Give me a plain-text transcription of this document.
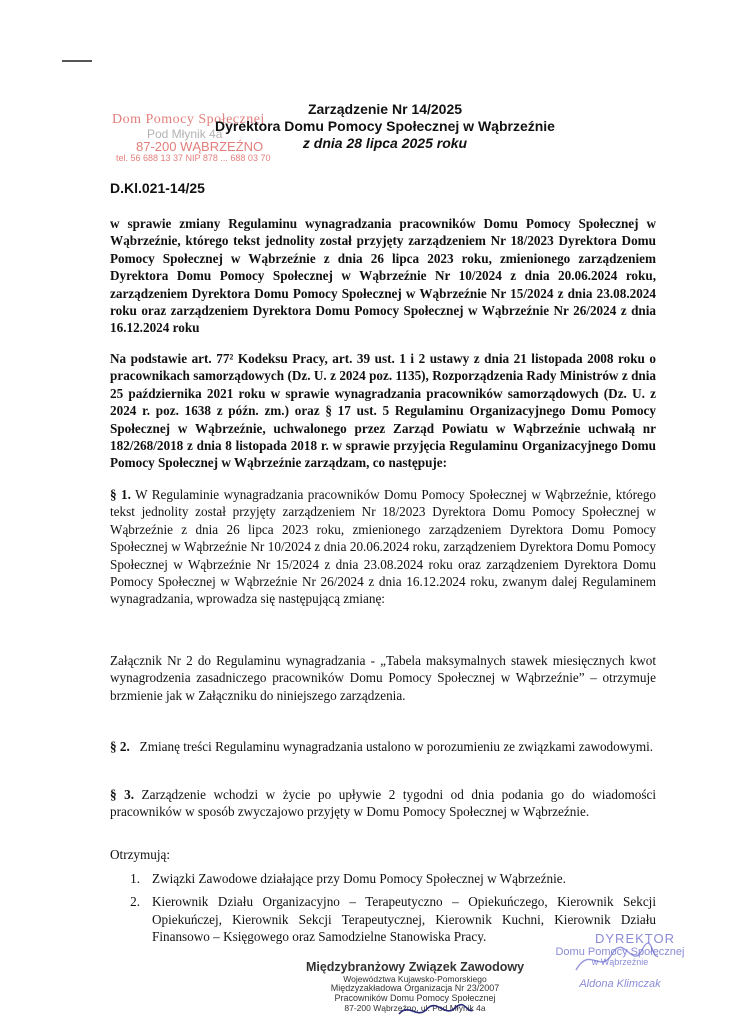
Dom Pomocy Społecznej
Pod Młynik 4a
87-200 WĄBRZEŹNO
tel. 56 688 13 37 NIP 878 ... 688 03 70
Zarządzenie Nr 14/2025
Dyrektora Domu Pomocy Społecznej w Wąbrzeźnie
z dnia 28 lipca 2025 roku
D.Kl.021-14/25
w sprawie zmiany Regulaminu wynagradzania pracowników Domu Pomocy Społecznej w Wąbrzeźnie, którego tekst jednolity został przyjęty zarządzeniem Nr 18/2023 Dyrektora Domu Pomocy Społecznej w Wąbrzeźnie z dnia 26 lipca 2023 roku, zmienionego zarządzeniem Dyrektora Domu Pomocy Społecznej w Wąbrzeźnie Nr 10/2024 z dnia 20.06.2024 roku, zarządzeniem Dyrektora Domu Pomocy Społecznej w Wąbrzeźnie Nr 15/2024 z dnia 23.08.2024 roku oraz zarządzeniem Dyrektora Domu Pomocy Społecznej w Wąbrzeźnie Nr 26/2024 z dnia 16.12.2024 roku
Na podstawie art. 77² Kodeksu Pracy, art. 39 ust. 1 i 2 ustawy z dnia 21 listopada 2008 roku o pracownikach samorządowych (Dz. U. z 2024 poz. 1135), Rozporządzenia Rady Ministrów z dnia 25 października 2021 roku w sprawie wynagradzania pracowników samorządowych (Dz. U. z 2024 r. poz. 1638 z późn. zm.) oraz § 17 ust. 5 Regulaminu Organizacyjnego Domu Pomocy Społecznej w Wąbrzeźnie, uchwalonego przez Zarząd Powiatu w Wąbrzeźnie uchwałą nr 182/268/2018 z dnia 8 listopada 2018 r. w sprawie przyjęcia Regulaminu Organizacyjnego Domu Pomocy Społecznej w Wąbrzeźnie zarządzam, co następuje:
§ 1. W Regulaminie wynagradzania pracowników Domu Pomocy Społecznej w Wąbrzeźnie, którego tekst jednolity został przyjęty zarządzeniem Nr 18/2023 Dyrektora Domu Pomocy Społecznej w Wąbrzeźnie z dnia 26 lipca 2023 roku, zmienionego zarządzeniem Dyrektora Domu Pomocy Społecznej w Wąbrzeźnie Nr 10/2024 z dnia 20.06.2024 roku, zarządzeniem Dyrektora Domu Pomocy Społecznej w Wąbrzeźnie Nr 15/2024 z dnia 23.08.2024 roku oraz zarządzeniem Dyrektora Domu Pomocy Społecznej w Wąbrzeźnie Nr 26/2024 z dnia 16.12.2024 roku, zwanym dalej Regulaminem wynagradzania, wprowadza się następującą zmianę:
Załącznik Nr 2 do Regulaminu wynagradzania - „Tabela maksymalnych stawek miesięcznych kwot wynagrodzenia zasadniczego pracowników Domu Pomocy Społecznej w Wąbrzeźnie” – otrzymuje brzmienie jak w Załączniku do niniejszego zarządzenia.
§ 2. Zmianę treści Regulaminu wynagradzania ustalono w porozumieniu ze związkami zawodowymi.
§ 3. Zarządzenie wchodzi w życie po upływie 2 tygodni od dnia podania go do wiadomości pracowników w sposób zwyczajowo przyjęty w Domu Pomocy Społecznej w Wąbrzeźnie.
Otrzymują:
1. Związki Zawodowe działające przy Domu Pomocy Społecznej w Wąbrzeźnie.
2. Kierownik Działu Organizacyjno – Terapeutyczno – Opiekuńczego, Kierownik Sekcji Opiekuńczej, Kierownik Sekcji Terapeutycznej, Kierownik Kuchni, Kierownik Działu Finansowo – Księgowego oraz Samodzielne Stanowiska Pracy.
Międzybranżowy Związek Zawodowy
Województwa Kujawsko-Pomorskiego
Międzyzakładowa Organizacja Nr 23/2007
Pracowników Domu Pomocy Społecznej
87-200 Wąbrzeźno, ul. Pod Młynik 4a
DYREKTOR
Domu Pomocy Społecznej
w Wąbrzeźnie
Aldona Klimczak
